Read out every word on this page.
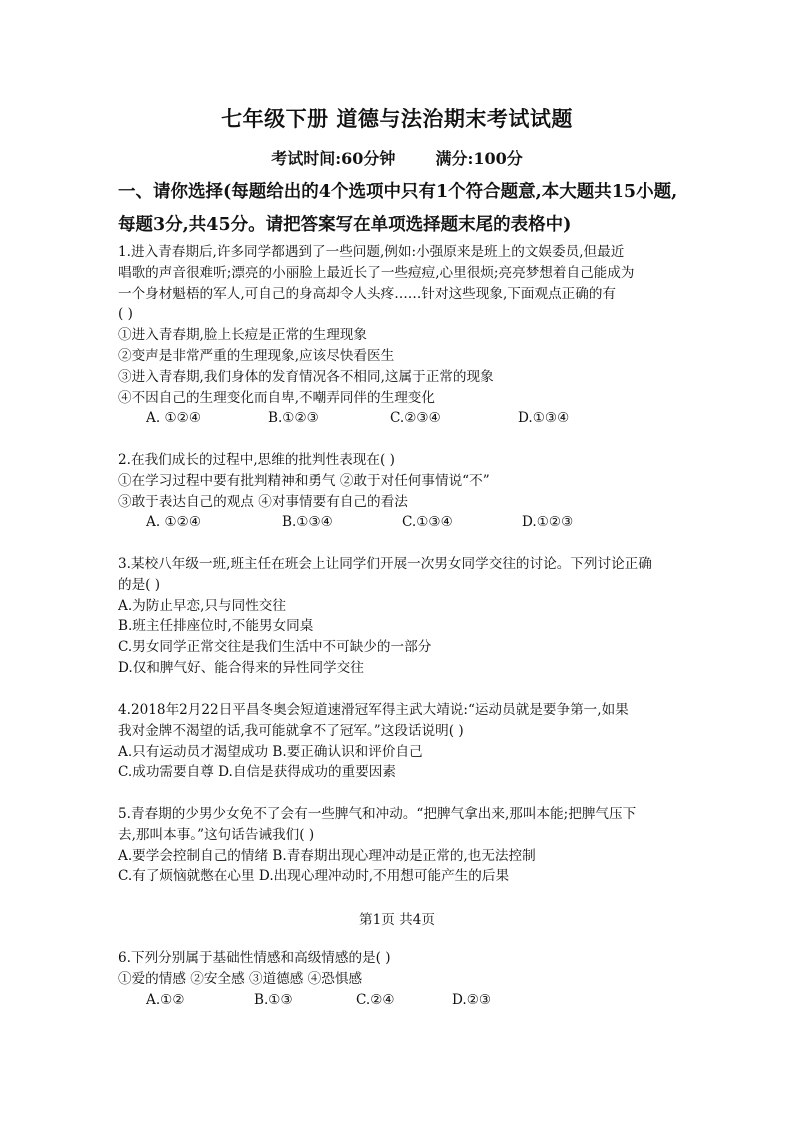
七年级下册 道德与法治期末考试试题
考试时间:60分钟	满分:100分
一、请你选择(每题给出的4个选项中只有1个符合题意,本大题共15小题,
每题3分,共45分。请把答案写在单项选择题末尾的表格中)
1.进入青春期后,许多同学都遇到了一些问题,例如:小强原来是班上的文娱委员,但最近
唱歌的声音很难听;漂亮的小丽脸上最近长了一些痘痘,心里很烦;亮亮梦想着自己能成为
一个身材魁梧的军人,可自己的身高却令人头疼……针对这些现象,下面观点正确的有
( )
①进入青春期,脸上长痘是正常的生理现象
②变声是非常严重的生理现象,应该尽快看医生
③进入青春期,我们身体的发育情况各不相同,这属于正常的现象
④不因自己的生理变化而自卑,不嘲弄同伴的生理变化
A. ①②④	B.①②③	C.②③④	D.①③④
2.在我们成长的过程中,思维的批判性表现在( )
①在学习过程中要有批判精神和勇气 ②敢于对任何事情说“不”
③敢于表达自己的观点 ④对事情要有自己的看法
A. ①②④	B.①③④	C.①③④	D.①②③
3.某校八年级一班,班主任在班会上让同学们开展一次男女同学交往的讨论。下列讨论正确
的是( )
A.为防止早恋,只与同性交往
B.班主任排座位时,不能男女同桌
C.男女同学正常交往是我们生活中不可缺少的一部分
D.仅和脾气好、能合得来的异性同学交往
4.2018年2月22日平昌冬奥会短道速滑冠军得主武大靖说:“运动员就是要争第一,如果
我对金牌不渴望的话,我可能就拿不了冠军。”这段话说明( )
A.只有运动员才渴望成功 B.要正确认识和评价自己
C.成功需要自尊 D.自信是获得成功的重要因素
5.青春期的少男少女免不了会有一些脾气和冲动。“把脾气拿出来,那叫本能;把脾气压下
去,那叫本事。”这句话告诫我们( )
A.要学会控制自己的情绪 B.青春期出现心理冲动是正常的,也无法控制
C.有了烦恼就憋在心里 D.出现心理冲动时,不用想可能产生的后果
第1页 共4页
6.下列分别属于基础性情感和高级情感的是( )
①爱的情感 ②安全感 ③道德感 ④恐惧感
A.①②	B.①③	C.②④	D.②③
